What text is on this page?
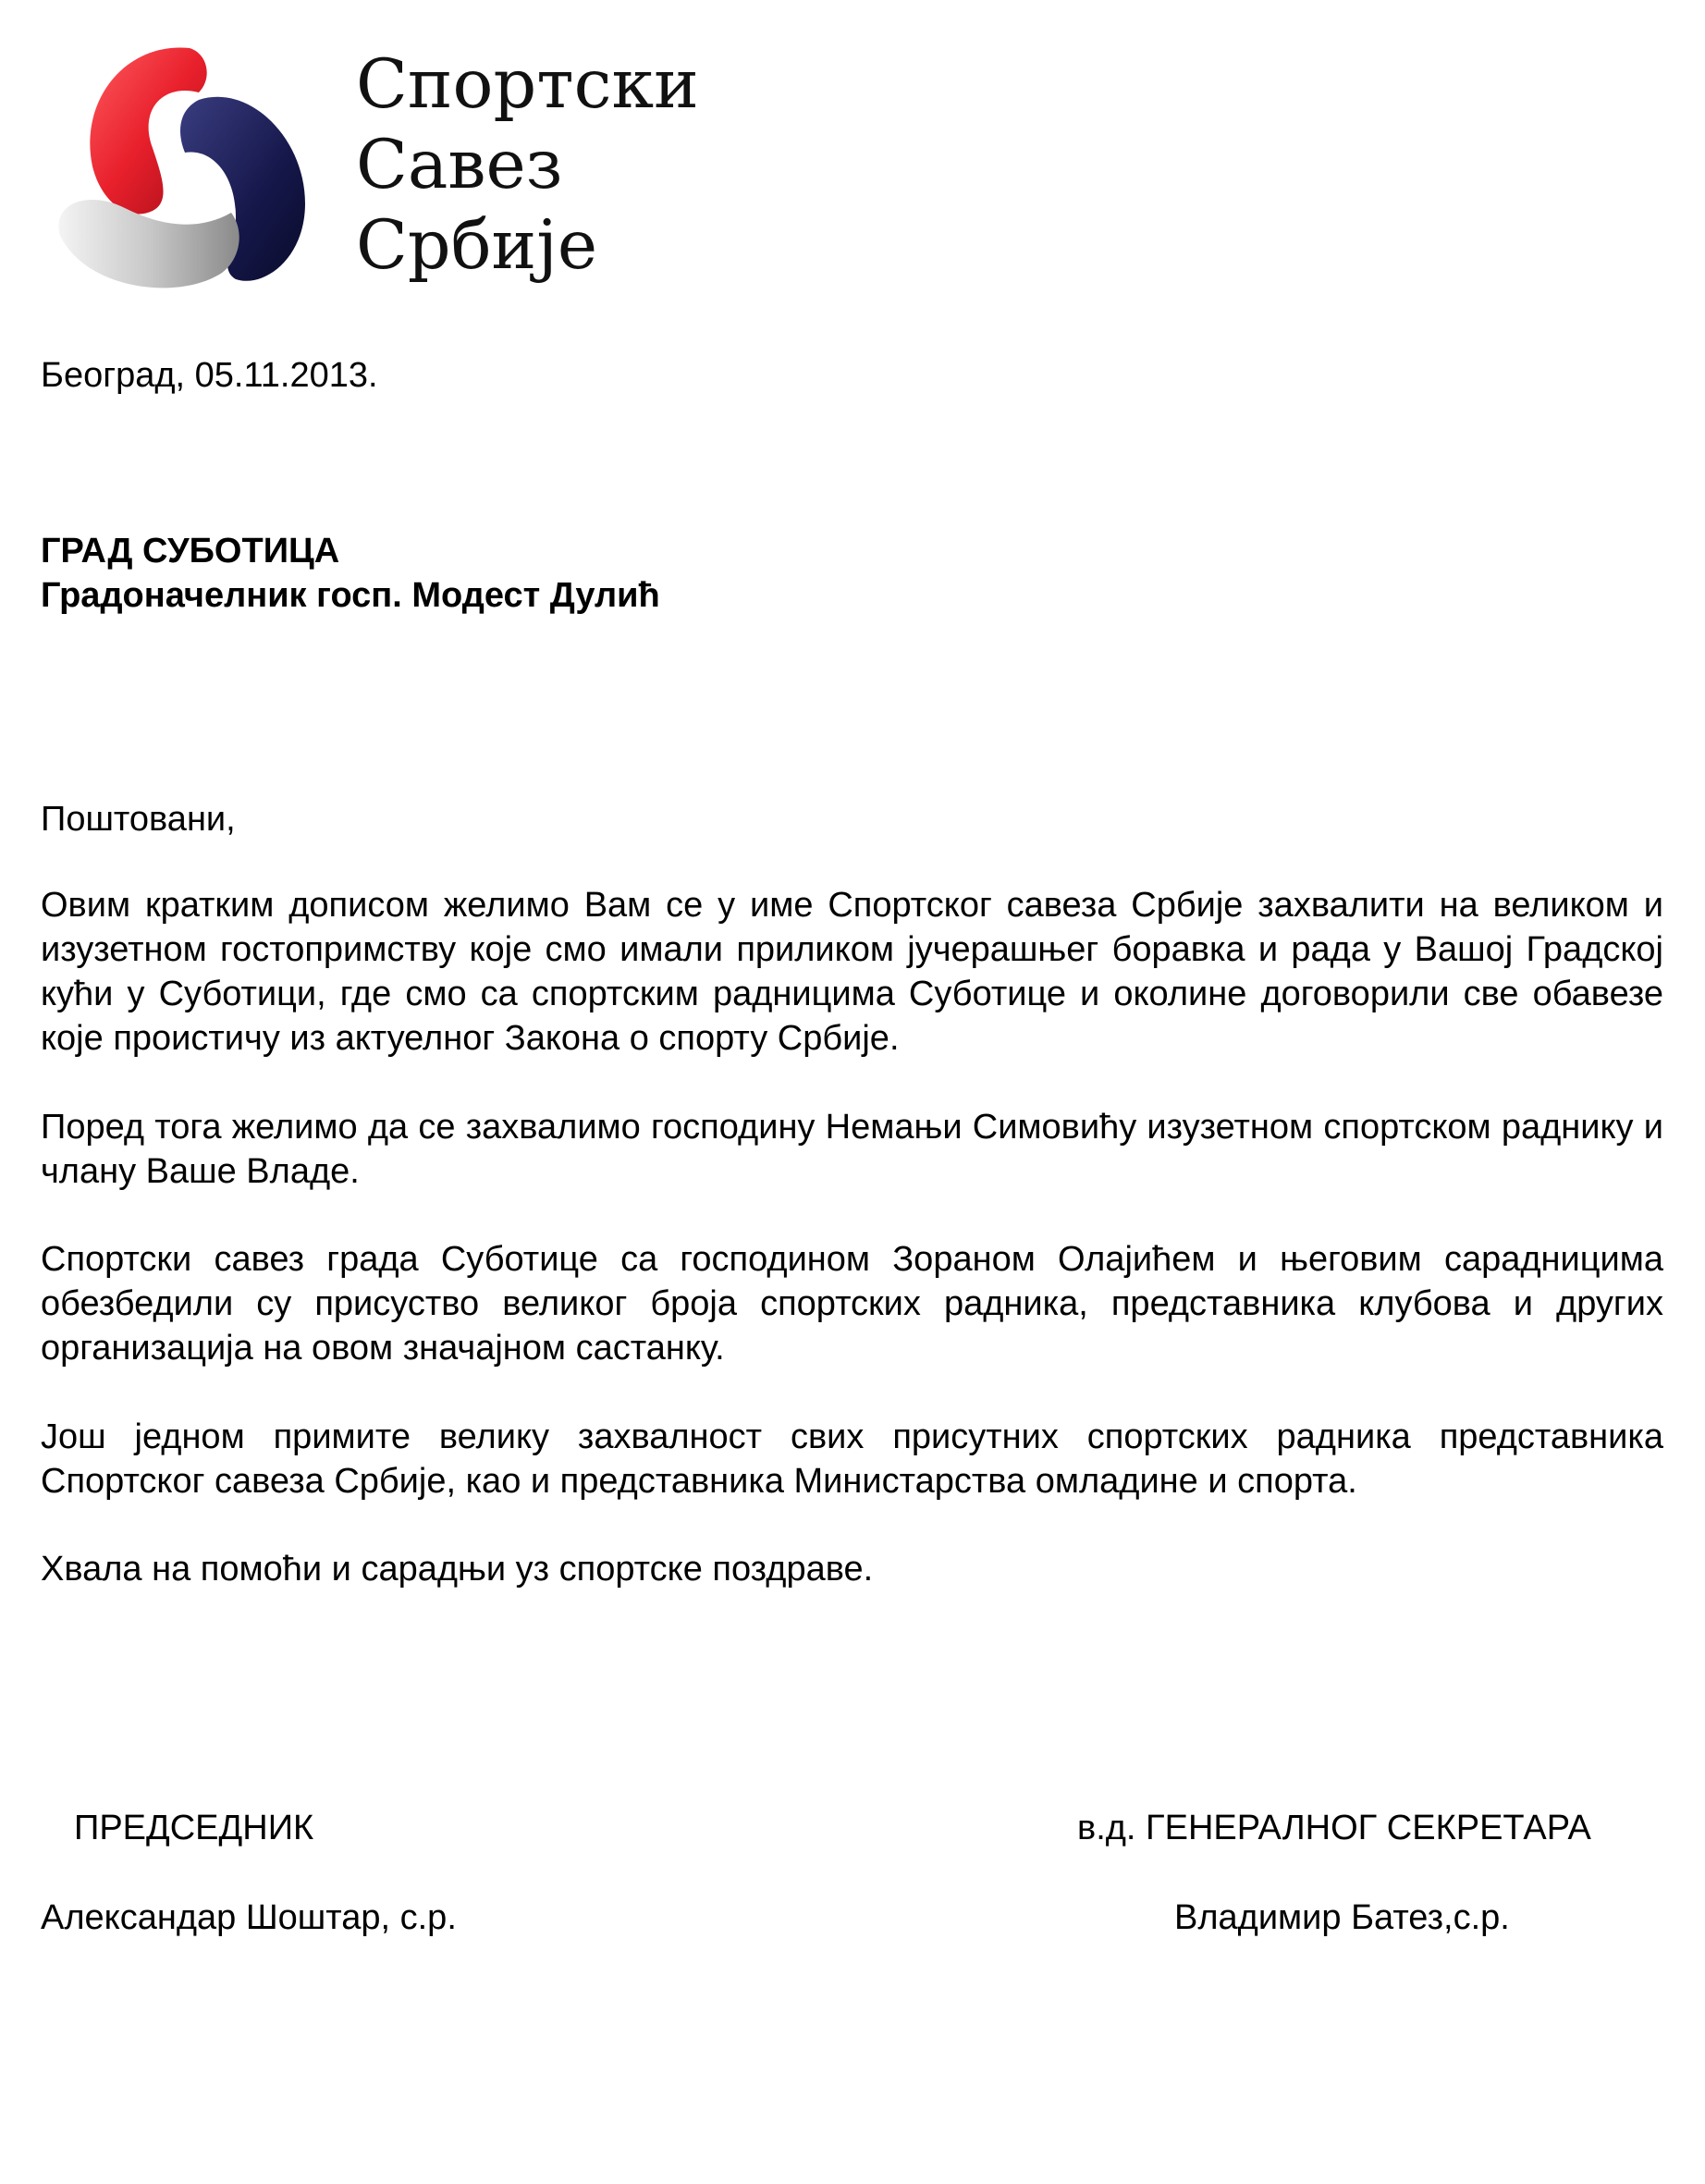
Спортски
Савез
Србије
Београд, 05.11.2013.
ГРАД СУБОТИЦА
Градоначелник госп. Модест Дулић
Поштовани,
Овим кратким дописом желимо Вам се у име Спортског савеза Србије захвалити на великом и изузетном гостопримству које смо имали приликом јучерашњег боравка и рада у Вашој Градској кући у Суботици, где смо са спортским радницима Суботице и околине договорили све обавезе које проистичу из актуелног Закона о спорту Србије.
Поред тога желимо да се захвалимо господину Немањи Симовићу изузетном спортском раднику и члану Ваше Владе.
Спортски савез града Суботице са господином Зораном Олајићем и његовим сарадницима обезбедили су присуство великог броја спортских радника, представника клубова и других организација на овом значајном састанку.
Још једном примите велику захвалност свих присутних спортских радника представника Спортског савеза Србије, као и представника Министарства омладине и спорта.
Хвала на помоћи и сарадњи уз спортске поздраве.
ПРЕДСЕДНИК
Александар Шоштар, с.р.
в.д. ГЕНЕРАЛНОГ СЕКРЕТАРА
Владимир Батез,с.р.
